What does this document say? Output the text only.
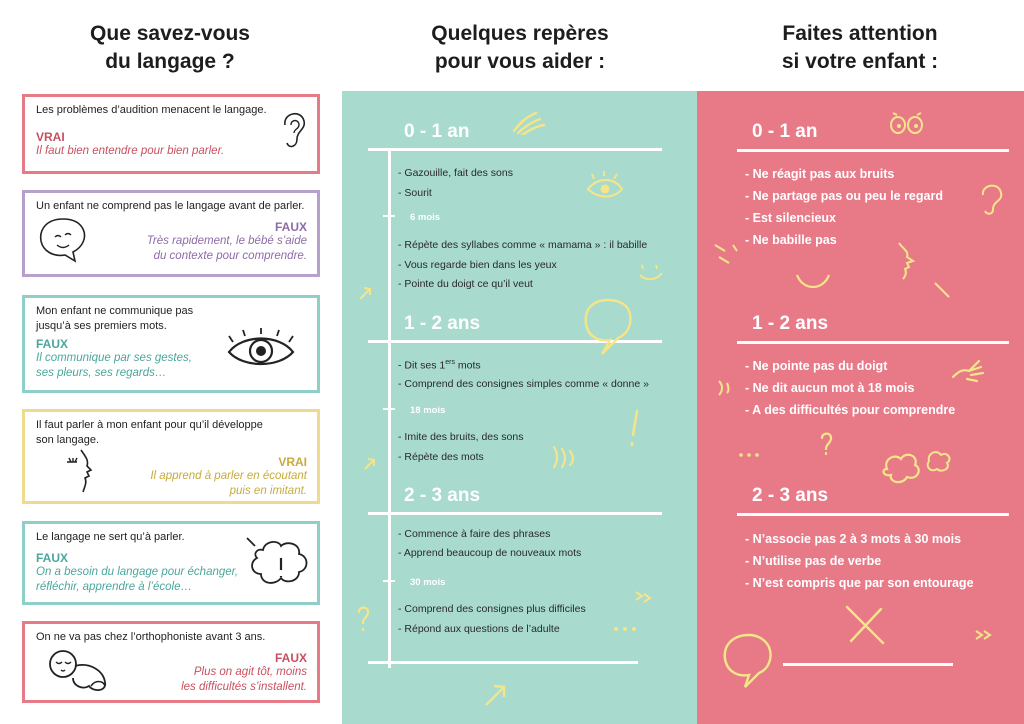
Que savez-vous
du langage ?
Quelques repères
pour vous aider :
Faites attention
si votre enfant :
Les problèmes d’audition menacent le langage.
VRAI
Il faut bien entendre pour bien parler.
Un enfant ne comprend pas le langage avant de parler.
FAUX
Très rapidement, le bébé s’aide
du contexte pour comprendre.
Mon enfant ne communique pas
jusqu’à ses premiers mots.
FAUX
Il communique par ses gestes,
ses pleurs, ses regards…
Il faut parler à mon enfant pour qu’il développe
son langage.
VRAI
Il apprend à parler en écoutant
puis en imitant.
Le langage ne sert qu’à parler.
FAUX
On a besoin du langage pour échanger,
réfléchir, apprendre à l’école…
On ne va pas chez l’orthophoniste avant 3 ans.
FAUX
Plus on agit tôt, moins
les difficultés s’installent.
0 - 1 an
- Gazouille, fait des sons
- Sourit
6 mois
- Répète des syllabes comme « mamama » : il babille
- Vous regarde bien dans les yeux
- Pointe du doigt ce qu’il veut
1 - 2 ans
- Dit ses 1ers mots
- Comprend des consignes simples comme « donne »
18 mois
- Imite des bruits, des sons
- Répète des mots
2 - 3 ans
- Commence à faire des phrases
- Apprend beaucoup de nouveaux mots
30 mois
- Comprend des consignes plus difficiles
- Répond aux questions de l’adulte
0 - 1 an
- Ne réagit pas aux bruits
- Ne partage pas ou peu le regard
- Est silencieux
- Ne babille pas
1 - 2 ans
- Ne pointe pas du doigt
- Ne dit aucun mot à 18 mois
- A des difficultés pour comprendre
2 - 3 ans
- N’associe pas 2 à 3 mots à 30 mois
- N’utilise pas de verbe
- N’est compris que par son entourage
